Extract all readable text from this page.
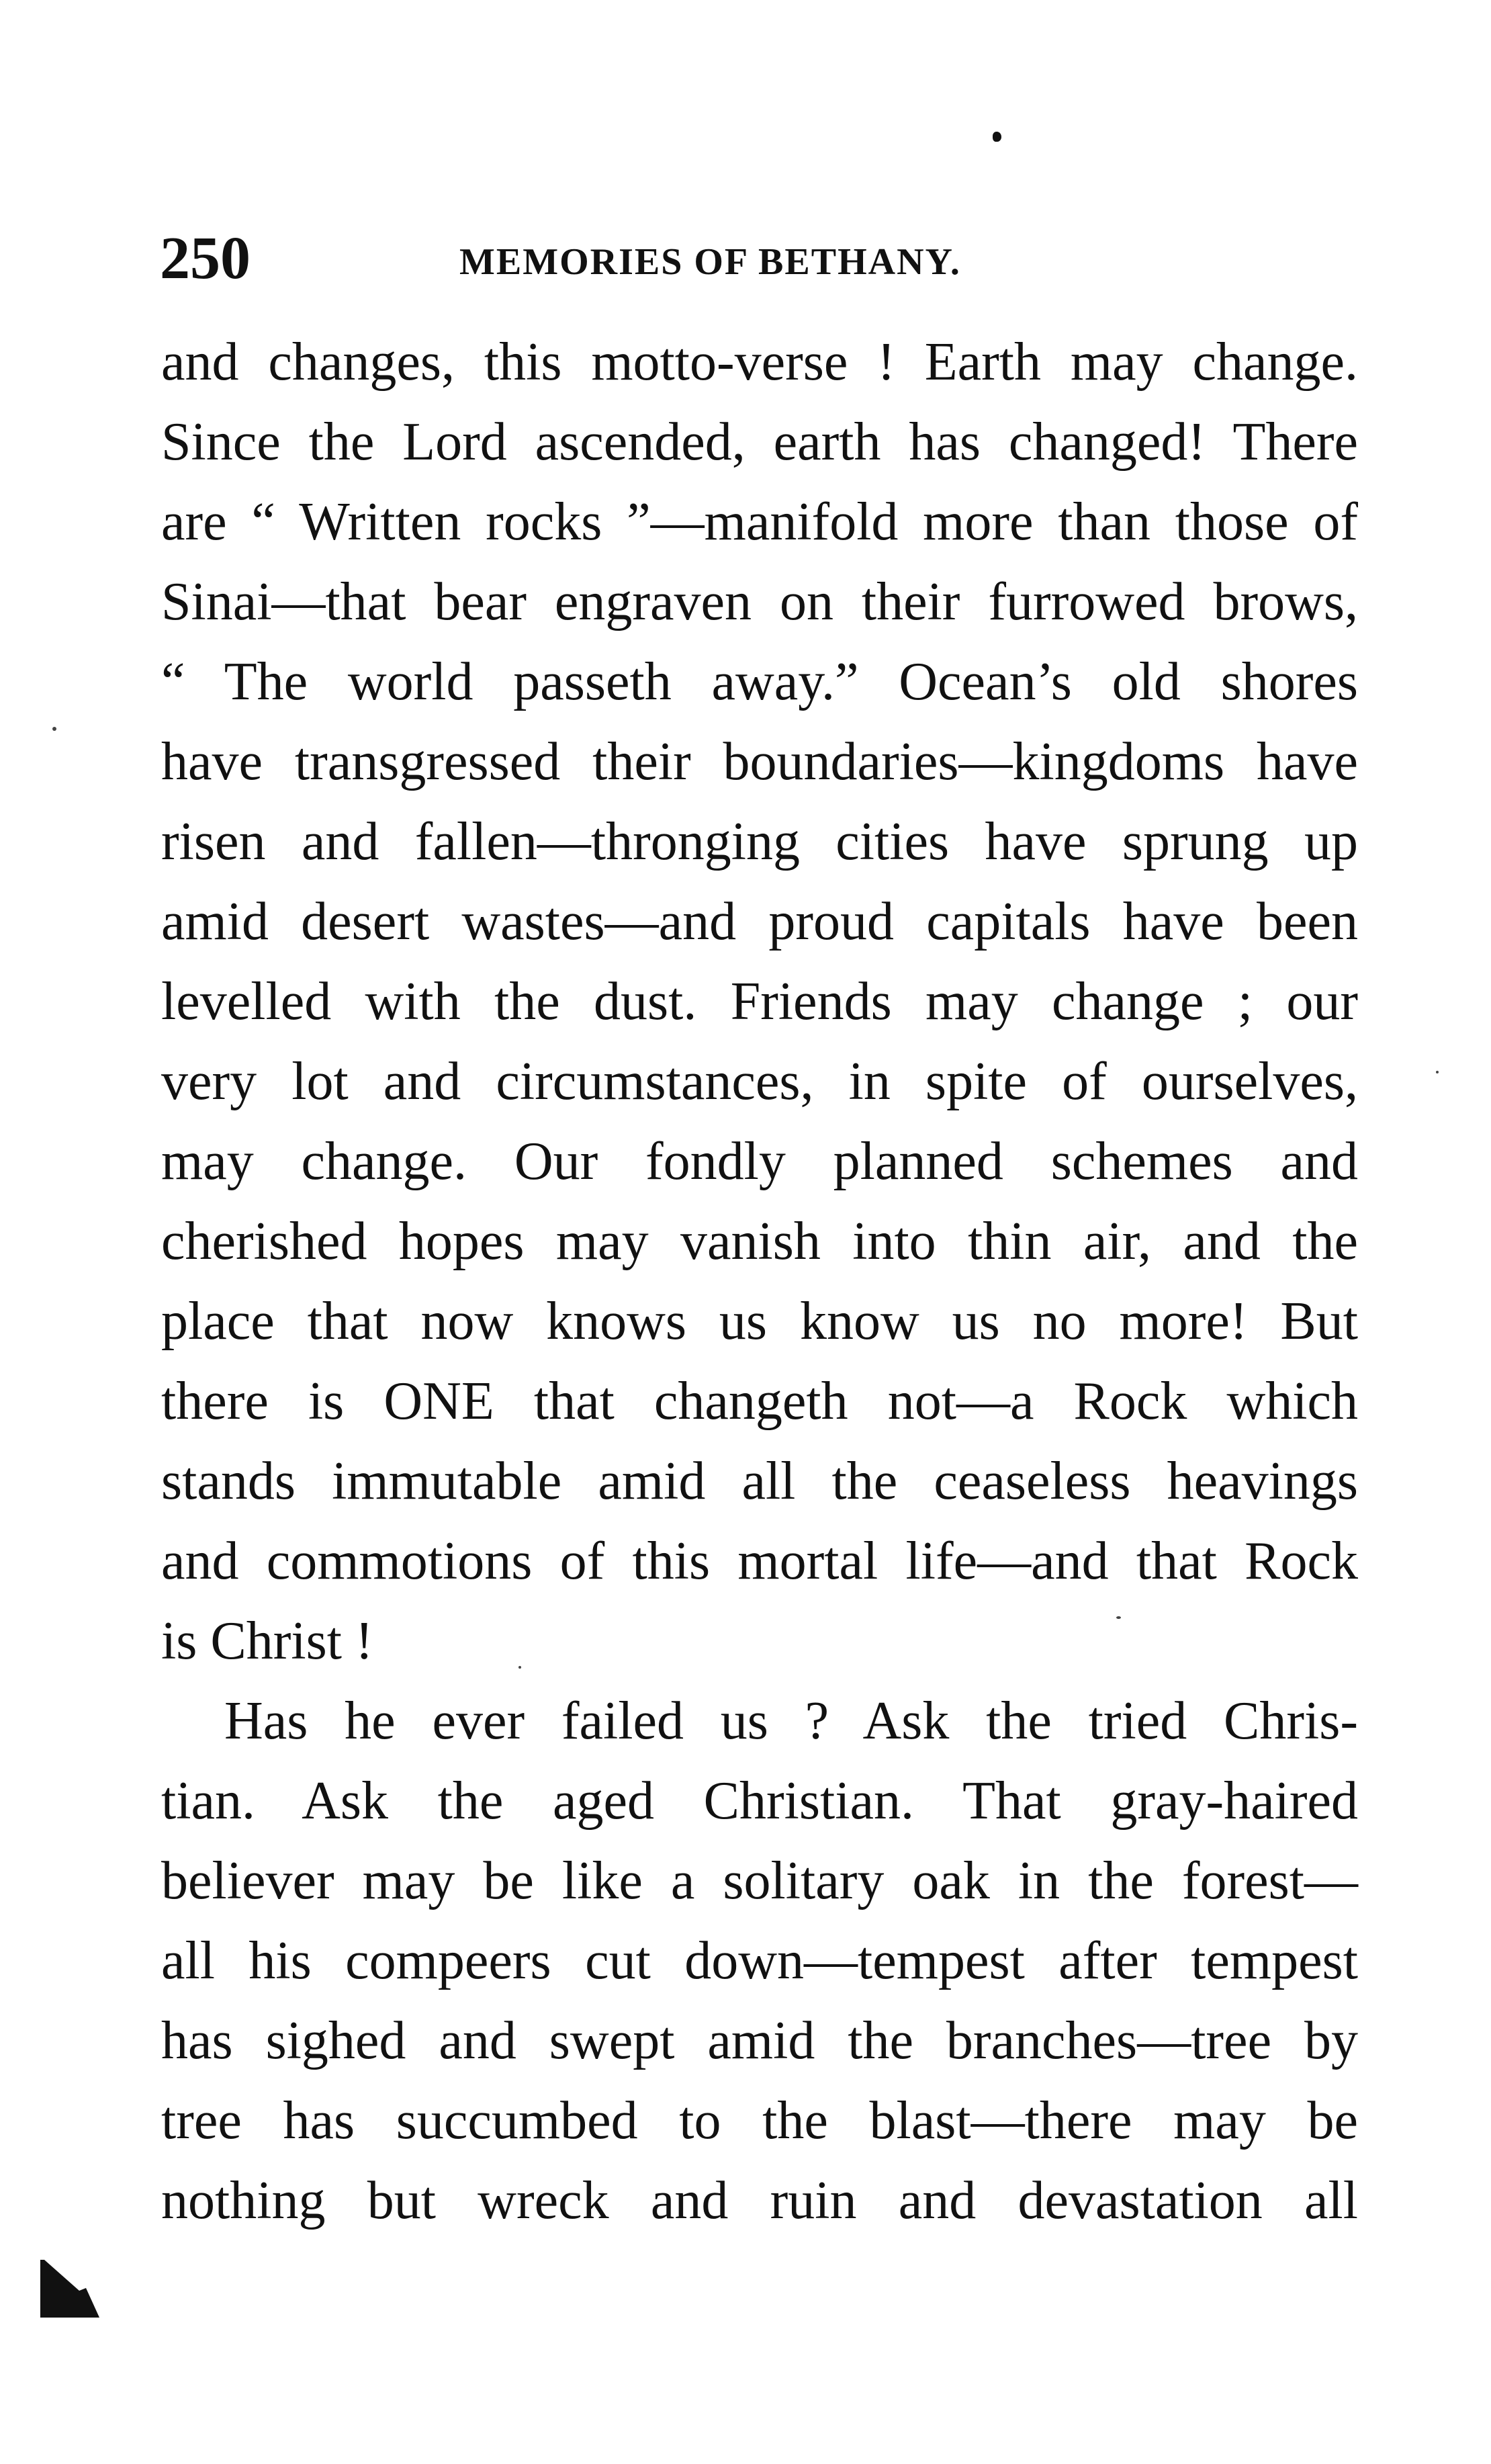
250	MEMORIES OF BETHANY.
and changes, this motto-verse ! Earth may change.
Since the Lord ascended, earth has changed! There
are “ Written rocks ”—manifold more than those of
Sinai—that bear engraven on their furrowed brows,
“ The world passeth away.” Ocean’s old shores
have transgressed their boundaries—kingdoms have
risen and fallen—thronging cities have sprung up
amid desert wastes—and proud capitals have been
levelled with the dust. Friends may change ; our
very lot and circumstances, in spite of ourselves,
may change. Our fondly planned schemes and
cherished hopes may vanish into thin air, and the
place that now knows us know us no more! But
there is ONE that changeth not—a Rock which
stands immutable amid all the ceaseless heavings
and commotions of this mortal life—and that Rock
is Christ !
Has he ever failed us ? Ask the tried Chris-
tian. Ask the aged Christian. That gray-haired
believer may be like a solitary oak in the forest—
all his compeers cut down—tempest after tempest
has sighed and swept amid the branches—tree by
tree has succumbed to the blast—there may be
nothing but wreck and ruin and devastation all
